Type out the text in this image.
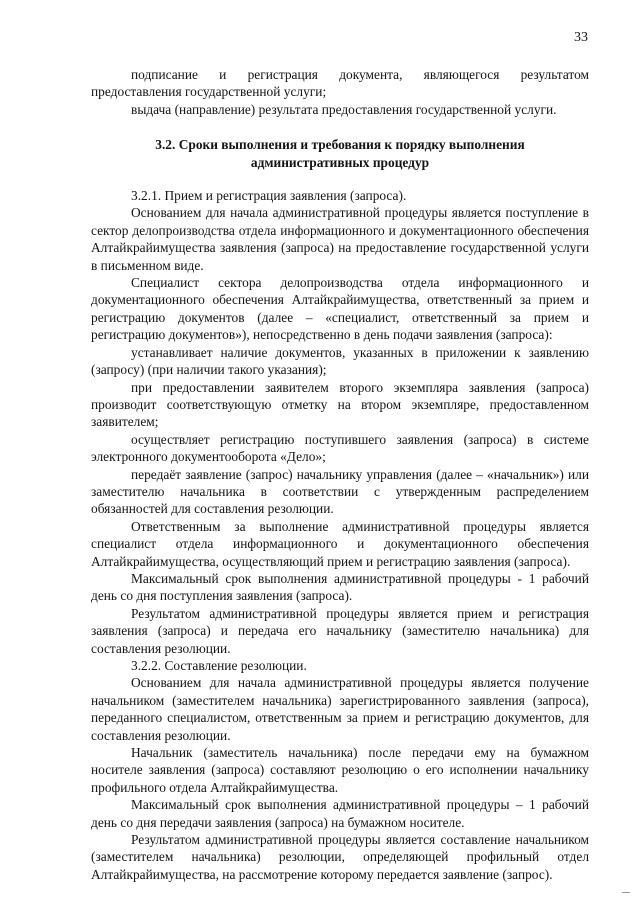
33

подписание и регистрация документа, являющегося результатом предоставления государственной услуги;

выдача (направление) результата предоставления государственной услуги.

3.2. Сроки выполнения и требования к порядку выполнения
административных процедур

3.2.1. Прием и регистрация заявления (запроса).

Основанием для начала административной процедуры является поступление в сектор делопроизводства отдела информационного и документационного обеспечения Алтайкрайимущества заявления (запроса) на предоставление государственной услуги в письменном виде.

Специалист сектора делопроизводства отдела информационного и документационного обеспечения Алтайкрайимущества, ответственный за прием и регистрацию документов (далее – «специалист, ответственный за прием и регистрацию документов»), непосредственно в день подачи заявления (запроса):

устанавливает наличие документов, указанных в приложении к заявлению (запросу) (при наличии такого указания);

при предоставлении заявителем второго экземпляра заявления (запроса) производит соответствующую отметку на втором экземпляре, предоставленном заявителем;

осуществляет регистрацию поступившего заявления (запроса) в системе электронного документооборота «Дело»;

передаёт заявление (запрос) начальнику управления (далее – «начальник») или заместителю начальника в соответствии с утвержденным распределением обязанностей для составления резолюции.

Ответственным за выполнение административной процедуры является специалист отдела информационного и документационного обеспечения Алтайкрайимущества, осуществляющий прием и регистрацию заявления (запроса).

Максимальный срок выполнения административной процедуры - 1 рабочий день со дня поступления заявления (запроса).

Результатом административной процедуры является прием и регистрация заявления (запроса) и передача его начальнику (заместителю начальника) для составления резолюции.

3.2.2. Составление резолюции.

Основанием для начала административной процедуры является получение начальником (заместителем начальника) зарегистрированного заявления (запроса), переданного специалистом, ответственным за прием и регистрацию документов, для составления резолюции.

Начальник (заместитель начальника) после передачи ему на бумажном носителе заявления (запроса) составляют резолюцию о его исполнении начальнику профильного отдела Алтайкрайимущества.

Максимальный срок выполнения административной процедуры – 1 рабочий день со дня передачи заявления (запроса) на бумажном носителе.

Результатом административной процедуры является составление начальником (заместителем начальника) резолюции, определяющей профильный отдел Алтайкрайимущества, на рассмотрение которому передается заявление (запрос).
